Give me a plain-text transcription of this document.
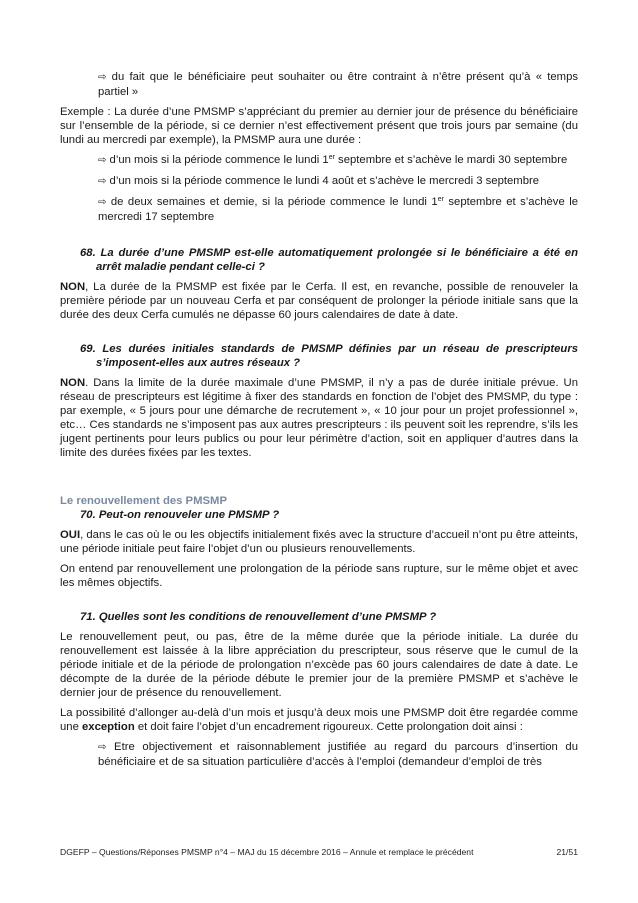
⇨ du fait que le bénéficiaire peut souhaiter ou être contraint à n’être présent qu’à « temps partiel »

Exemple : La durée d’une PMSMP s’appréciant du premier au dernier jour de présence du bénéficiaire sur l’ensemble de la période, si ce dernier n’est effectivement présent que trois jours par semaine (du lundi au mercredi par exemple), la PMSMP aura une durée :

⇨ d’un mois si la période commence le lundi 1er septembre et s’achève le mardi 30 septembre

⇨ d’un mois si la période commence le lundi 4 août et s’achève le mercredi 3 septembre

⇨ de deux semaines et demie, si la période commence le lundi 1er septembre et s’achève le mercredi 17 septembre

68. La durée d’une PMSMP est-elle automatiquement prolongée si le bénéficiaire a été en arrêt maladie pendant celle-ci ?

NON, La durée de la PMSMP est fixée par le Cerfa. Il est, en revanche, possible de renouveler la première période par un nouveau Cerfa et par conséquent de prolonger la période initiale sans que la durée des deux Cerfa cumulés ne dépasse 60 jours calendaires de date à date.

69. Les durées initiales standards de PMSMP définies par un réseau de prescripteurs s’imposent-elles aux autres réseaux ?

NON. Dans la limite de la durée maximale d’une PMSMP, il n’y a pas de durée initiale prévue. Un réseau de prescripteurs est légitime à fixer des standards en fonction de l’objet des PMSMP, du type : par exemple, « 5 jours pour une démarche de recrutement », « 10 jour pour un projet professionnel », etc… Ces standards ne s’imposent pas aux autres prescripteurs : ils peuvent soit les reprendre, s’ils les jugent pertinents pour leurs publics ou pour leur périmètre d’action, soit en appliquer d’autres dans la limite des durées fixées par les textes.

Le renouvellement des PMSMP

70. Peut-on renouveler une PMSMP ?

OUI, dans le cas où le ou les objectifs initialement fixés avec la structure d’accueil n’ont pu être atteints, une période initiale peut faire l’objet d’un ou plusieurs renouvellements.

On entend par renouvellement une prolongation de la période sans rupture, sur le même objet et avec les mêmes objectifs.

71. Quelles sont les conditions de renouvellement d’une PMSMP ?

Le renouvellement peut, ou pas, être de la même durée que la période initiale. La durée du renouvellement est laissée à la libre appréciation du prescripteur, sous réserve que le cumul de la période initiale et de la période de prolongation n’excède pas 60 jours calendaires de date à date. Le décompte de la durée de la période débute le premier jour de la première PMSMP et s’achève le dernier jour de présence du renouvellement.

La possibilité d’allonger au-delà d’un mois et jusqu’à deux mois une PMSMP doit être regardée comme une exception et doit faire l’objet d’un encadrement rigoureux. Cette prolongation doit ainsi :

⇨ Etre objectivement et raisonnablement justifiée au regard du parcours d’insertion du bénéficiaire et de sa situation particulière d’accès à l’emploi (demandeur d’emploi de très

DGEFP – Questions/Réponses PMSMP n°4 – MAJ du 15 décembre 2016 – Annule et remplace le précédent	21/51
